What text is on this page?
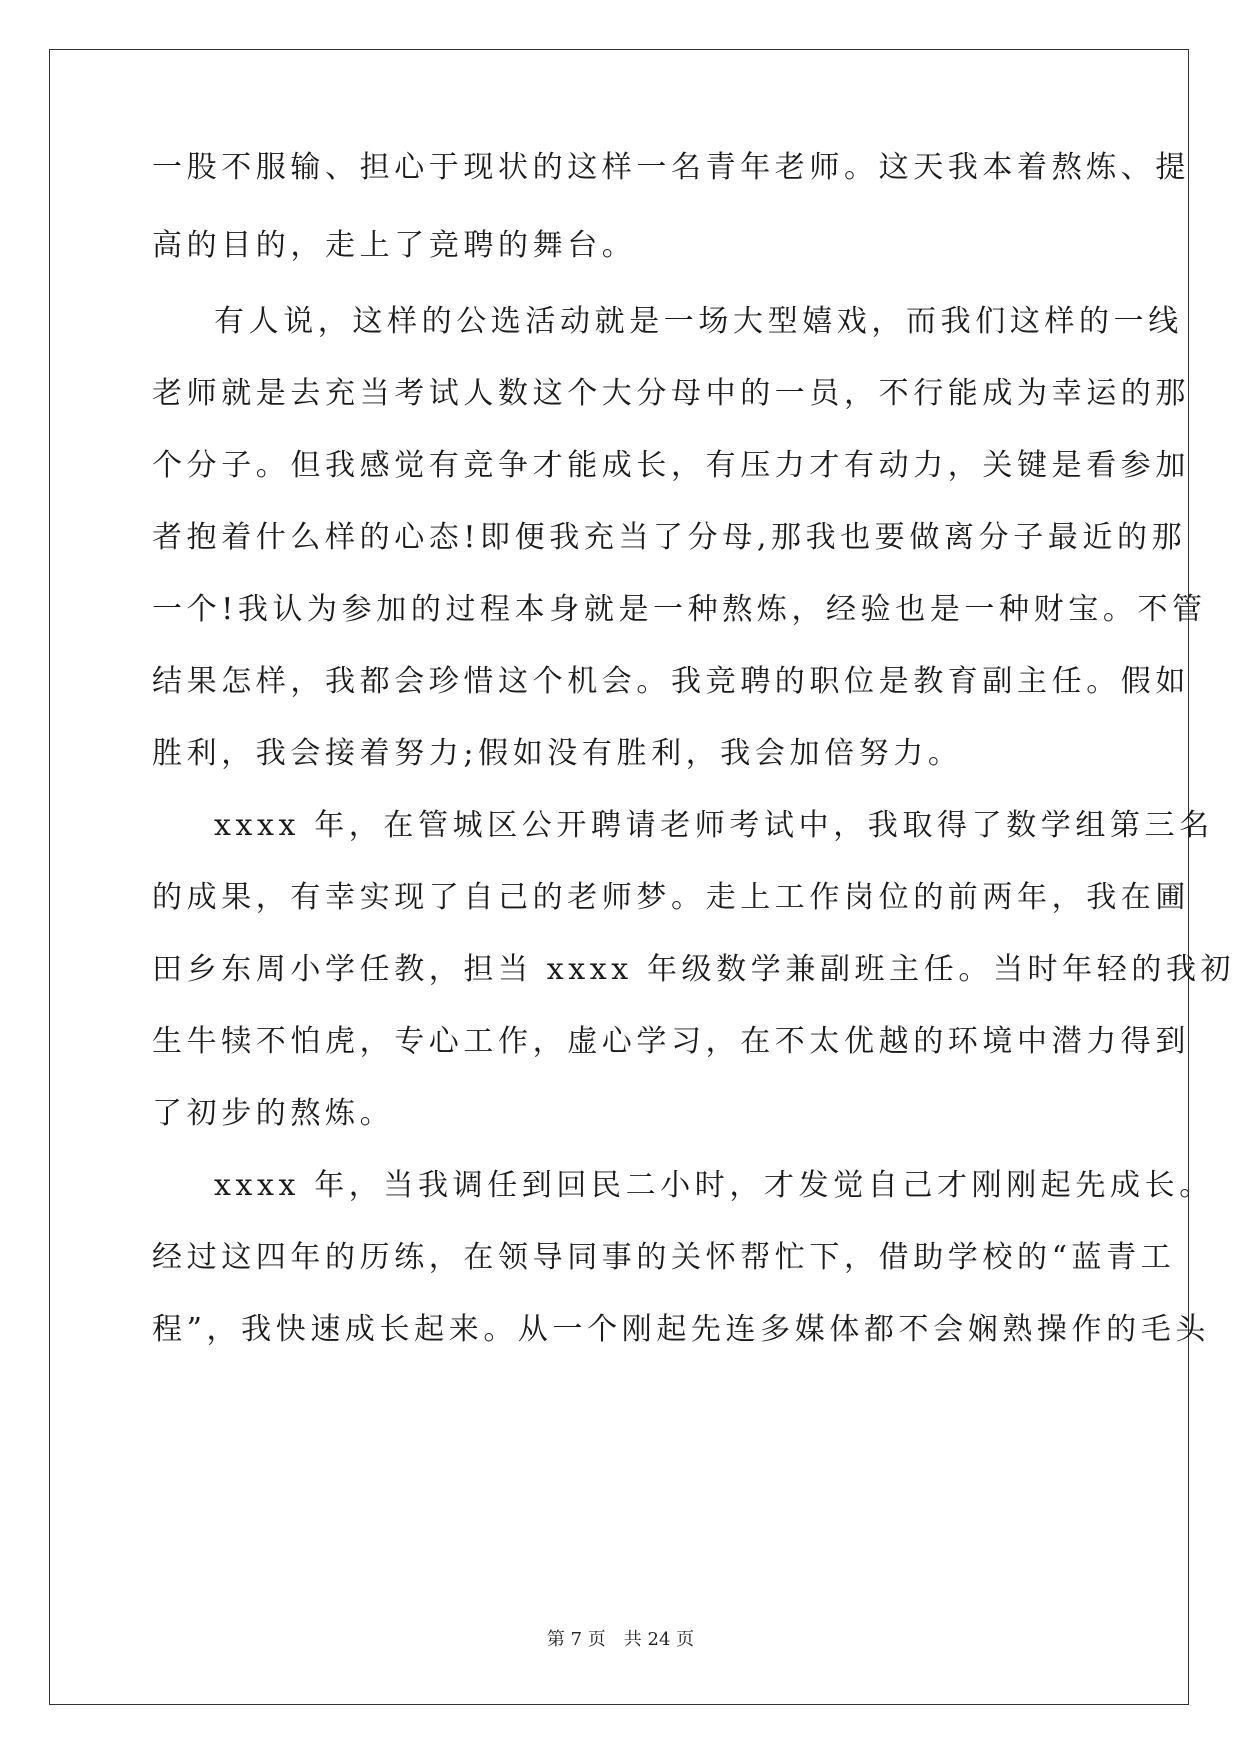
一股不服输、担心于现状的这样一名青年老师。这天我本着熬炼、提
高的目的，走上了竞聘的舞台。
有人说，这样的公选活动就是一场大型嬉戏，而我们这样的一线
老师就是去充当考试人数这个大分母中的一员，不行能成为幸运的那
个分子。但我感觉有竞争才能成长，有压力才有动力，关键是看参加
者抱着什么样的心态!即便我充当了分母,那我也要做离分子最近的那
一个!我认为参加的过程本身就是一种熬炼，经验也是一种财宝。不管
结果怎样，我都会珍惜这个机会。我竞聘的职位是教育副主任。假如
胜利，我会接着努力;假如没有胜利，我会加倍努力。
xxxx 年，在管城区公开聘请老师考试中，我取得了数学组第三名
的成果，有幸实现了自己的老师梦。走上工作岗位的前两年，我在圃
田乡东周小学任教，担当 xxxx 年级数学兼副班主任。当时年轻的我初
生牛犊不怕虎，专心工作，虚心学习，在不太优越的环境中潜力得到
了初步的熬炼。
xxxx 年，当我调任到回民二小时，才发觉自己才刚刚起先成长。
经过这四年的历练，在领导同事的关怀帮忙下，借助学校的“蓝青工
程”，我快速成长起来。从一个刚起先连多媒体都不会娴熟操作的毛头
第 7 页　共 24 页
